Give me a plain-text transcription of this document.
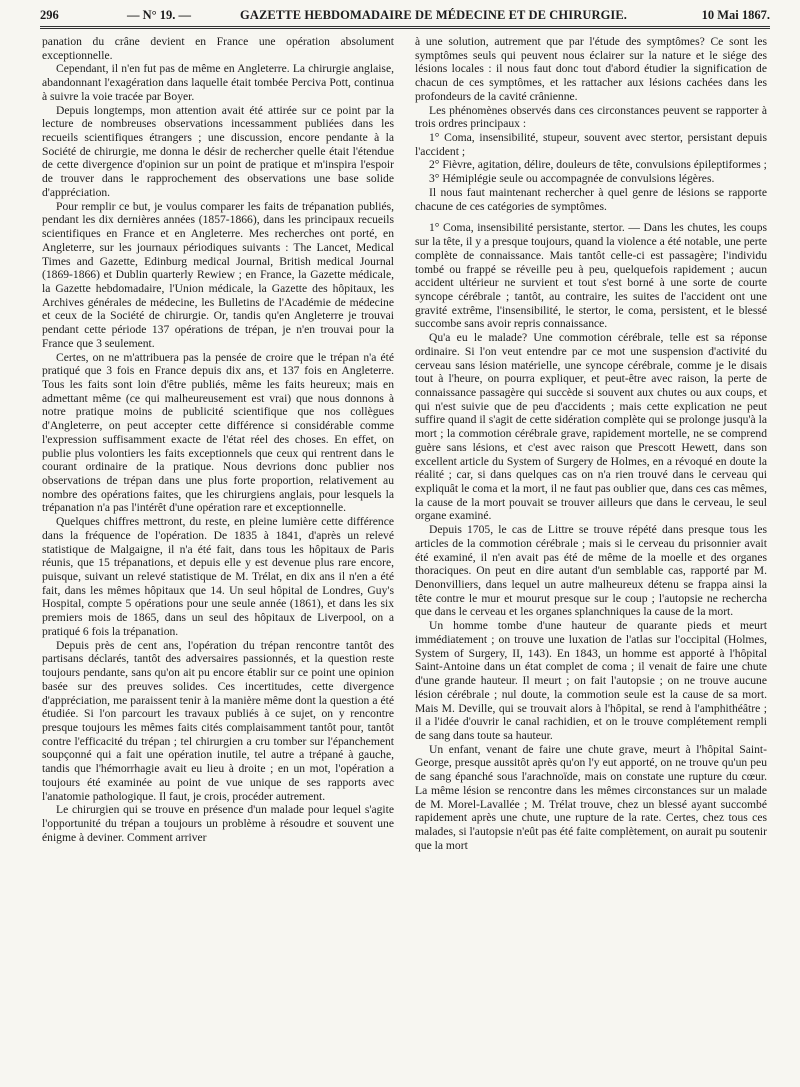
296	— N° 19. —	GAZETTE HEBDOMADAIRE DE MÉDECINE ET DE CHIRURGIE.	10 Mai 1867.

panation du crâne devient en France une opération absolument exceptionnelle.

Cependant, il n'en fut pas de même en Angleterre. La chirurgie anglaise, abandonnant l'exagération dans laquelle était tombée Perciva Pott, continua à suivre la voie tracée par Boyer.

Depuis longtemps, mon attention avait été attirée sur ce point par la lecture de nombreuses observations incessamment publiées dans les recueils scientifiques étrangers ; une discussion, encore pendante à la Société de chirurgie, me donna le désir de rechercher quelle était l'étendue de cette divergence d'opinion sur un point de pratique et m'inspira l'espoir de trouver dans le rapprochement des observations une base solide d'appréciation.

Pour remplir ce but, je voulus comparer les faits de trépanation publiés, pendant les dix dernières années (1857-1866), dans les principaux recueils scientifiques en France et en Angleterre. Mes recherches ont porté, en Angleterre, sur les journaux périodiques suivants : The Lancet, Medical Times and Gazette, Edinburg medical Journal, British medical Journal (1869-1866) et Dublin quarterly Rewiew ; en France, la Gazette médicale, la Gazette hebdomadaire, l'Union médicale, la Gazette des hôpitaux, les Archives générales de médecine, les Bulletins de l'Académie de médecine et ceux de la Société de chirurgie. Or, tandis qu'en Angleterre je trouvai pendant cette période 137 opérations de trépan, je n'en trouvai pour la France que 3 seulement.

Certes, on ne m'attribuera pas la pensée de croire que le trépan n'a été pratiqué que 3 fois en France depuis dix ans, et 137 fois en Angleterre. Tous les faits sont loin d'être publiés, même les faits heureux; mais en admettant même (ce qui malheureusement est vrai) que nous donnons à notre pratique moins de publicité scientifique que nos collègues d'Angleterre, on peut accepter cette différence si considérable comme l'expression suffisamment exacte de l'état réel des choses. En effet, on publie plus volontiers les faits exceptionnels que ceux qui rentrent dans le courant ordinaire de la pratique. Nous devrions donc publier nos observations de trépan dans une plus forte proportion, relativement au nombre des opérations faites, que les chirurgiens anglais, pour lesquels la trépanation n'a pas l'intérêt d'une opération rare et exceptionnelle.

Quelques chiffres mettront, du reste, en pleine lumière cette différence dans la fréquence de l'opération. De 1835 à 1841, d'après un relevé statistique de Malgaigne, il n'a été fait, dans tous les hôpitaux de Paris réunis, que 15 trépanations, et depuis elle y est devenue plus rare encore, puisque, suivant un relevé statistique de M. Trélat, en dix ans il n'en a été fait, dans les mêmes hôpitaux que 14. Un seul hôpital de Londres, Guy's Hospital, compte 5 opérations pour une seule année (1861), et dans les six premiers mois de 1865, dans un seul des hôpitaux de Liverpool, on a pratiqué 6 fois la trépanation.

Depuis près de cent ans, l'opération du trépan rencontre tantôt des partisans déclarés, tantôt des adversaires passionnés, et la question reste toujours pendante, sans qu'on ait pu encore établir sur ce point une opinion basée sur des preuves solides. Ces incertitudes, cette divergence d'appréciation, me paraissent tenir à la manière même dont la question a été étudiée. Si l'on parcourt les travaux publiés à ce sujet, on y rencontre presque toujours les mêmes faits cités complaisamment tantôt pour, tantôt contre l'efficacité du trépan ; tel chirurgien a cru tomber sur l'épanchement soupçonné qui a fait une opération inutile, tel autre a trépané à gauche, tandis que l'hémorrhagie avait eu lieu à droite ; en un mot, l'opération a toujours été examinée au point de vue unique de ses rapports avec l'anatomie pathologique. Il faut, je crois, procéder autrement.

Le chirurgien qui se trouve en présence d'un malade pour lequel s'agite l'opportunité du trépan a toujours un problème à résoudre et souvent une énigme à deviner. Comment arriver

à une solution, autrement que par l'étude des symptômes? Ce sont les symptômes seuls qui peuvent nous éclairer sur la nature et le siége des lésions locales : il nous faut donc tout d'abord étudier la signification de chacun de ces symptômes, et les rattacher aux lésions cachées dans les profondeurs de la cavité crânienne.

Les phénomènes observés dans ces circonstances peuvent se rapporter à trois ordres principaux :

1° Coma, insensibilité, stupeur, souvent avec stertor, persistant depuis l'accident ;

2° Fièvre, agitation, délire, douleurs de tête, convulsions épileptiformes ;

3° Hémiplégie seule ou accompagnée de convulsions légères.

Il nous faut maintenant rechercher à quel genre de lésions se rapporte chacune de ces catégories de symptômes.

1° Coma, insensibilité persistante, stertor. — Dans les chutes, les coups sur la tête, il y a presque toujours, quand la violence a été notable, une perte complète de connaissance. Mais tantôt celle-ci est passagère; l'individu tombé ou frappé se réveille peu à peu, quelquefois rapidement ; aucun accident ultérieur ne survient et tout s'est borné à une sorte de courte syncope cérébrale ; tantôt, au contraire, les suites de l'accident ont une gravité extrême, l'insensibilité, le stertor, le coma, persistent, et le blessé succombe sans avoir repris connaissance.

Qu'a eu le malade? Une commotion cérébrale, telle est sa réponse ordinaire. Si l'on veut entendre par ce mot une suspension d'activité du cerveau sans lésion matérielle, une syncope cérébrale, comme je le disais tout à l'heure, on pourra expliquer, et peut-être avec raison, la perte de connaissance passagère qui succède si souvent aux chutes ou aux coups, et qui n'est suivie que de peu d'accidents ; mais cette explication ne peut suffire quand il s'agit de cette sidération complète qui se prolonge jusqu'à la mort ; la commotion cérébrale grave, rapidement mortelle, ne se comprend guère sans lésions, et c'est avec raison que Prescott Hewett, dans son excellent article du System of Surgery de Holmes, en a révoqué en doute la réalité ; car, si dans quelques cas on n'a rien trouvé dans le cerveau qui expliquât le coma et la mort, il ne faut pas oublier que, dans ces cas mêmes, la cause de la mort pouvait se trouver ailleurs que dans le cerveau, le seul organe examiné.

Depuis 1705, le cas de Littre se trouve répété dans presque tous les articles de la commotion cérébrale ; mais si le cerveau du prisonnier avait été examiné, il n'en avait pas été de même de la moelle et des organes thoraciques. On peut en dire autant d'un semblable cas, rapporté par M. Denonvilliers, dans lequel un autre malheureux détenu se frappa ainsi la tête contre le mur et mourut presque sur le coup ; l'autopsie ne rechercha que dans le cerveau et les organes splanchniques la cause de la mort.

Un homme tombe d'une hauteur de quarante pieds et meurt immédiatement ; on trouve une luxation de l'atlas sur l'occipital (Holmes, System of Surgery, II, 143). En 1843, un homme est apporté à l'hôpital Saint-Antoine dans un état complet de coma ; il venait de faire une chute d'une grande hauteur. Il meurt ; on fait l'autopsie ; on ne trouve aucune lésion cérébrale ; nul doute, la commotion seule est la cause de sa mort. Mais M. Deville, qui se trouvait alors à l'hôpital, se rend à l'amphithéâtre ; il a l'idée d'ouvrir le canal rachidien, et on le trouve complétement rempli de sang dans toute sa hauteur.

Un enfant, venant de faire une chute grave, meurt à l'hôpital Saint-George, presque aussitôt après qu'on l'y eut apporté, on ne trouve qu'un peu de sang épanché sous l'arachnoïde, mais on constate une rupture du cœur. La même lésion se rencontre dans les mêmes circonstances sur un malade de M. Morel-Lavallée ; M. Trélat trouve, chez un blessé ayant succombé rapidement après une chute, une rupture de la rate. Certes, chez tous ces malades, si l'autopsie n'eût pas été faite complètement, on aurait pu soutenir que la mort
